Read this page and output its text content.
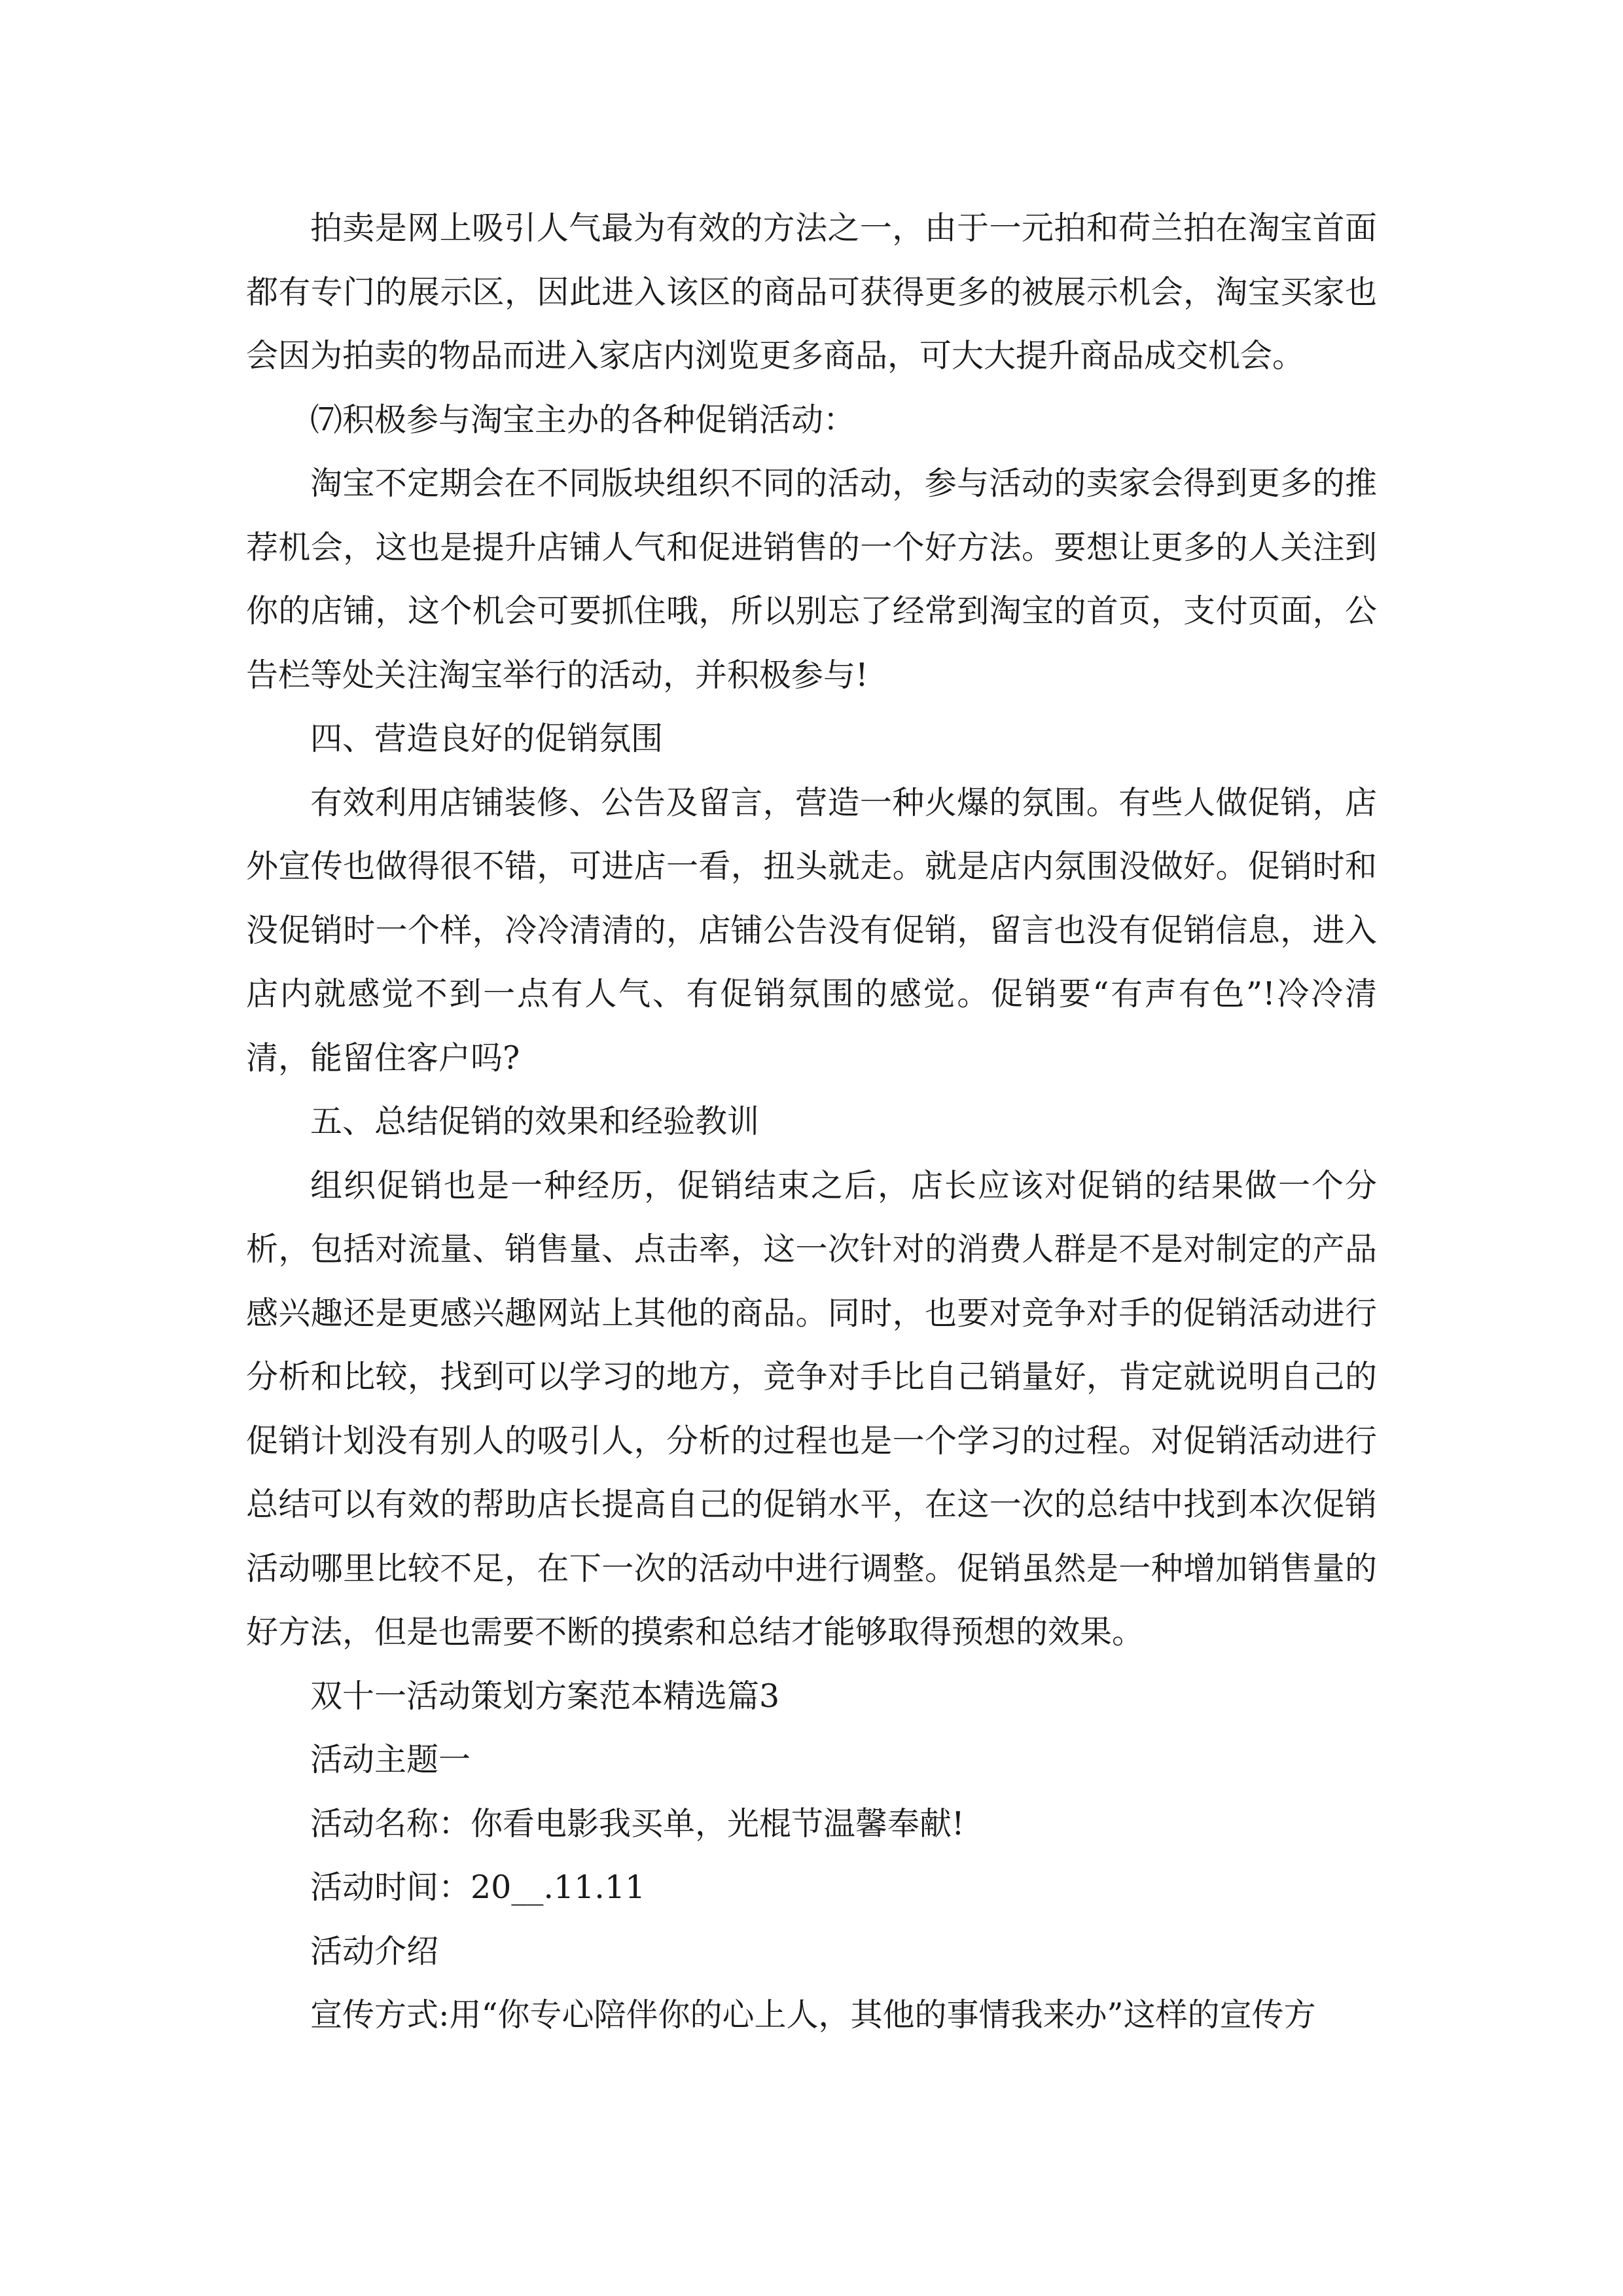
拍卖是网上吸引人气最为有效的方法之一，由于一元拍和荷兰拍在淘宝首面都有专门的展示区，因此进入该区的商品可获得更多的被展示机会，淘宝买家也会因为拍卖的物品而进入家店内浏览更多商品，可大大提升商品成交机会。

⑺积极参与淘宝主办的各种促销活动：

淘宝不定期会在不同版块组织不同的活动，参与活动的卖家会得到更多的推荐机会，这也是提升店铺人气和促进销售的一个好方法。要想让更多的人关注到你的店铺，这个机会可要抓住哦，所以别忘了经常到淘宝的首页，支付页面，公告栏等处关注淘宝举行的活动，并积极参与!

四、营造良好的促销氛围

有效利用店铺装修、公告及留言，营造一种火爆的氛围。有些人做促销，店外宣传也做得很不错，可进店一看，扭头就走。就是店内氛围没做好。促销时和没促销时一个样，冷冷清清的，店铺公告没有促销，留言也没有促销信息，进入店内就感觉不到一点有人气、有促销氛围的感觉。促销要“有声有色”!冷冷清清，能留住客户吗?

五、总结促销的效果和经验教训

组织促销也是一种经历，促销结束之后，店长应该对促销的结果做一个分析，包括对流量、销售量、点击率，这一次针对的消费人群是不是对制定的产品感兴趣还是更感兴趣网站上其他的商品。同时，也要对竞争对手的促销活动进行分析和比较，找到可以学习的地方，竞争对手比自己销量好，肯定就说明自己的促销计划没有别人的吸引人，分析的过程也是一个学习的过程。对促销活动进行总结可以有效的帮助店长提高自己的促销水平，在这一次的总结中找到本次促销活动哪里比较不足，在下一次的活动中进行调整。促销虽然是一种增加销售量的好方法，但是也需要不断的摸索和总结才能够取得预想的效果。

双十一活动策划方案范本精选篇3

活动主题一

活动名称：你看电影我买单，光棍节温馨奉献!

活动时间：20__.11.11

活动介绍

宣传方式:用“你专心陪伴你的心上人，其他的事情我来办”这样的宣传方
